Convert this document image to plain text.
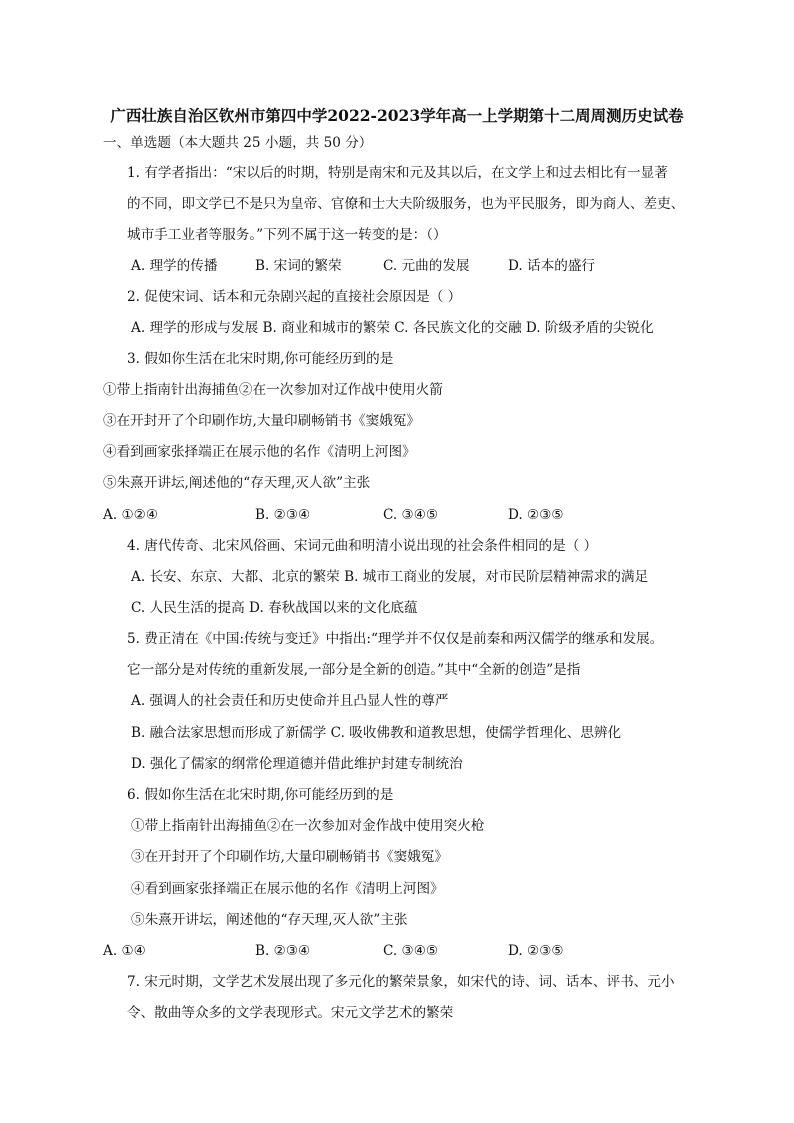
广西壮族自治区钦州市第四中学2022-2023学年高一上学期第十二周周测历史试卷
一、单选题（本大题共 25 小题，共 50 分）
1. 有学者指出：“宋以后的时期，特别是南宋和元及其以后，在文学上和过去相比有一显著
的不同，即文学已不是只为皇帝、官僚和士大夫阶级服务，也为平民服务，即为商人、差吏、
城市手工业者等服务。”下列不属于这一转变的是：（）
A. 理学的传播	B. 宋词的繁荣	C. 元曲的发展	D. 话本的盛行
2. 促使宋词、话本和元杂剧兴起的直接社会原因是（ ）
A. 理学的形成与发展 B. 商业和城市的繁荣 C. 各民族文化的交融 D. 阶级矛盾的尖锐化
3. 假如你生活在北宋时期,你可能经历到的是
①带上指南针出海捕鱼②在一次参加对辽作战中使用火箭
③在开封开了个印刷作坊,大量印刷畅销书《窦娥冤》
④看到画家张择端正在展示他的名作《清明上河图》
⑤朱熹开讲坛,阐述他的“存天理,灭人欲”主张
A. ①②④	B. ②③④	C. ③④⑤	D. ②③⑤
4. 唐代传奇、北宋风俗画、宋词元曲和明清小说出现的社会条件相同的是（ ）
A. 长安、东京、大都、北京的繁荣 B. 城市工商业的发展，对市民阶层精神需求的满足
C. 人民生活的提高 D. 春秋战国以来的文化底蕴
5. 费正清在《中国:传统与变迁》中指出:“理学并不仅仅是前秦和两汉儒学的继承和发展。
它一部分是对传统的重新发展,一部分是全新的创造。”其中“全新的创造”是指
A. 强调人的社会责任和历史使命并且凸显人性的尊严
B. 融合法家思想而形成了新儒学 C. 吸收佛教和道教思想，使儒学哲理化、思辨化
D. 强化了儒家的纲常伦理道德并借此维护封建专制统治
6. 假如你生活在北宋时期,你可能经历到的是
①带上指南针出海捕鱼②在一次参加对金作战中使用突火枪
③在开封开了个印刷作坊,大量印刷畅销书《窦娥冤》
④看到画家张择端正在展示他的名作《清明上河图》
⑤朱熹开讲坛，阐述他的“存天理,灭人欲”主张
A. ①④	B. ②③④	C. ③④⑤	D. ②③⑤
7. 宋元时期，文学艺术发展出现了多元化的繁荣景象，如宋代的诗、词、话本、评书、元小
令、散曲等众多的文学表现形式。宋元文学艺术的繁荣
